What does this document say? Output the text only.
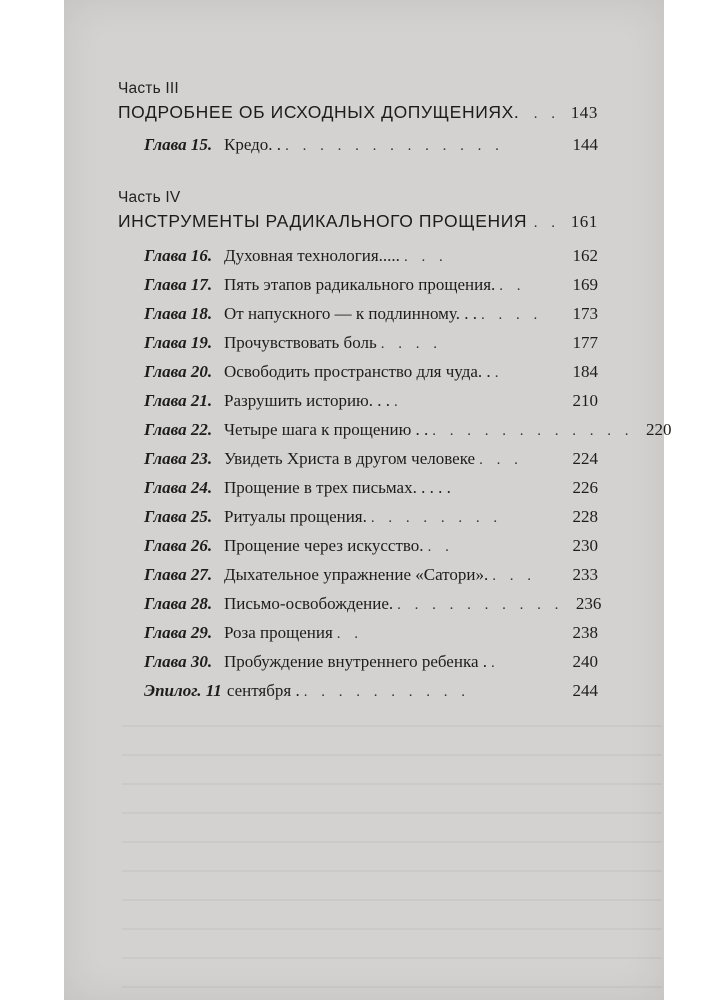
Часть III
ПОДРОБНЕЕ ОБ ИСХОДНЫХ ДОПУЩЕНИЯХ. . . 143
Глава 15. Кредо. . . . . . . . . . . . . . .	144
Часть IV
ИНСТРУМЕНТЫ РАДИКАЛЬНОГО ПРОЩЕНИЯ . . 161
Глава 16. Духовная технология..... . . .	162
Глава 17. Пять этапов радикального прощения. . .	169
Глава 18. От напускного — к подлинному. . . . . . .	173
Глава 19. Прочувствовать боль . . . .	177
Глава 20. Освободить пространство для чуда. . .	184
Глава 21. Разрушить историю. . . .	210
Глава 22. Четыре шага к прощению . . . . . . . . . . . . . . 220
Глава 23. Увидеть Христа в другом человеке . . .	224
Глава 24. Прощение в трех письмах. . . . .	226
Глава 25. Ритуалы прощения. . . . . . . . .	228
Глава 26. Прощение через искусство. . .	230
Глава 27. Дыхательное упражнение «Сатори». . . .	233
Глава 28. Письмо-освобождение. . . . . . . . . . . 236
Глава 29. Роза прощения . .	238
Глава 30. Пробуждение внутреннего ребенка . .	240
Эпилог. 11 сентября . . . . . . . . . . .	244
